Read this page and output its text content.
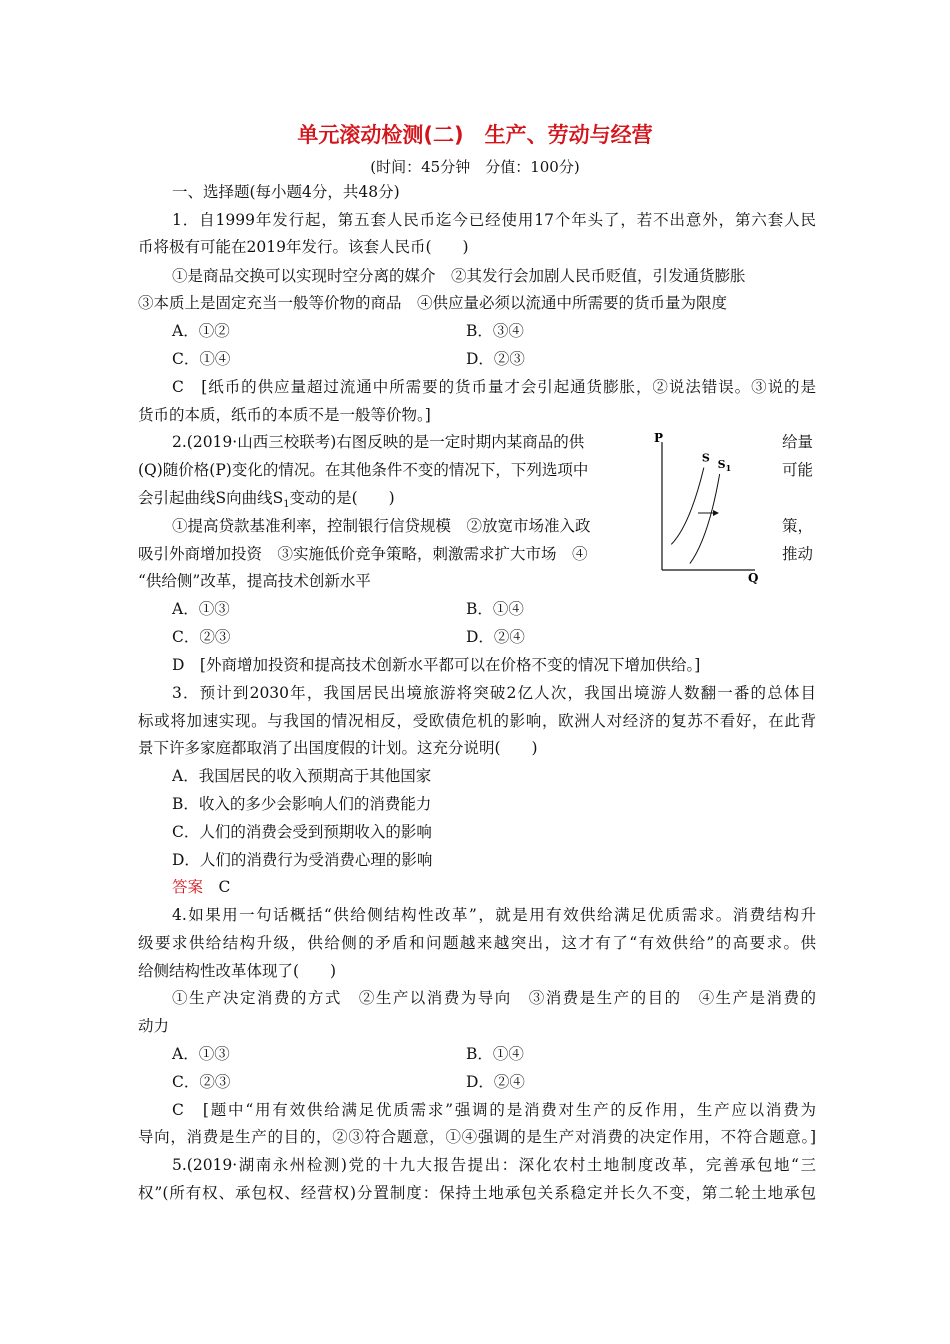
单元滚动检测(二)　生产、劳动与经营
(时间：45分钟　分值：100分)
一、选择题(每小题4分，共48分)
1．自1999年发行起，第五套人民币迄今已经使用17个年头了，若不出意外，第六套人民
币将极有可能在2019年发行。该套人民币(　　)
①是商品交换可以实现时空分离的媒介　②其发行会加剧人民币贬值，引发通货膨胀
③本质上是固定充当一般等价物的商品　④供应量必须以流通中所需要的货币量为限度
A．①②	B．③④
C．①④	D．②③
C　[纸币的供应量超过流通中所需要的货币量才会引起通货膨胀，②说法错误。③说的是
货币的本质，纸币的本质不是一般等价物。]
2.(2019·山西三校联考)右图反映的是一定时期内某商品的供	给量
(Q)随价格(P)变化的情况。在其他条件不变的情况下，下列选项中	可能
会引起曲线S向曲线$S_1$变动的是(　　)
①提高贷款基准利率，控制银行信贷规模　②放宽市场准入政	策，
吸引外商增加投资　③实施低价竞争策略，刺激需求扩大市场　④	推动
“供给侧”改革，提高技术创新水平
A．①③	B．①④
C．②③	D．②④
D　[外商增加投资和提高技术创新水平都可以在价格不变的情况下增加供给。]
P
Q
S $S_1$
3．预计到2030年，我国居民出境旅游将突破2亿人次，我国出境游人数翻一番的总体目
标或将加速实现。与我国的情况相反，受欧债危机的影响，欧洲人对经济的复苏不看好，在此背
景下许多家庭都取消了出国度假的计划。这充分说明(　　)
A．我国居民的收入预期高于其他国家
B．收入的多少会影响人们的消费能力
C．人们的消费会受到预期收入的影响
D．人们的消费行为受消费心理的影响
答案　 C
4.如果用一句话概括“供给侧结构性改革”，就是用有效供给满足优质需求。消费结构升
级要求供给结构升级，供给侧的矛盾和问题越来越突出，这才有了“有效供给”的高要求。供
给侧结构性改革体现了(　　)
①生产决定消费的方式　②生产以消费为导向　③消费是生产的目的　④生产是消费的
动力
A．①③	B．①④
C．②③	D．②④
C　[题中“用有效供给满足优质需求”强调的是消费对生产的反作用，生产应以消费为
导向，消费是生产的目的，②③符合题意，①④强调的是生产对消费的决定作用，不符合题意。]
5.(2019·湖南永州检测)党的十九大报告提出：深化农村土地制度改革，完善承包地“三
权”(所有权、承包权、经营权)分置制度：保持土地承包关系稳定并长久不变，第二轮土地承包
